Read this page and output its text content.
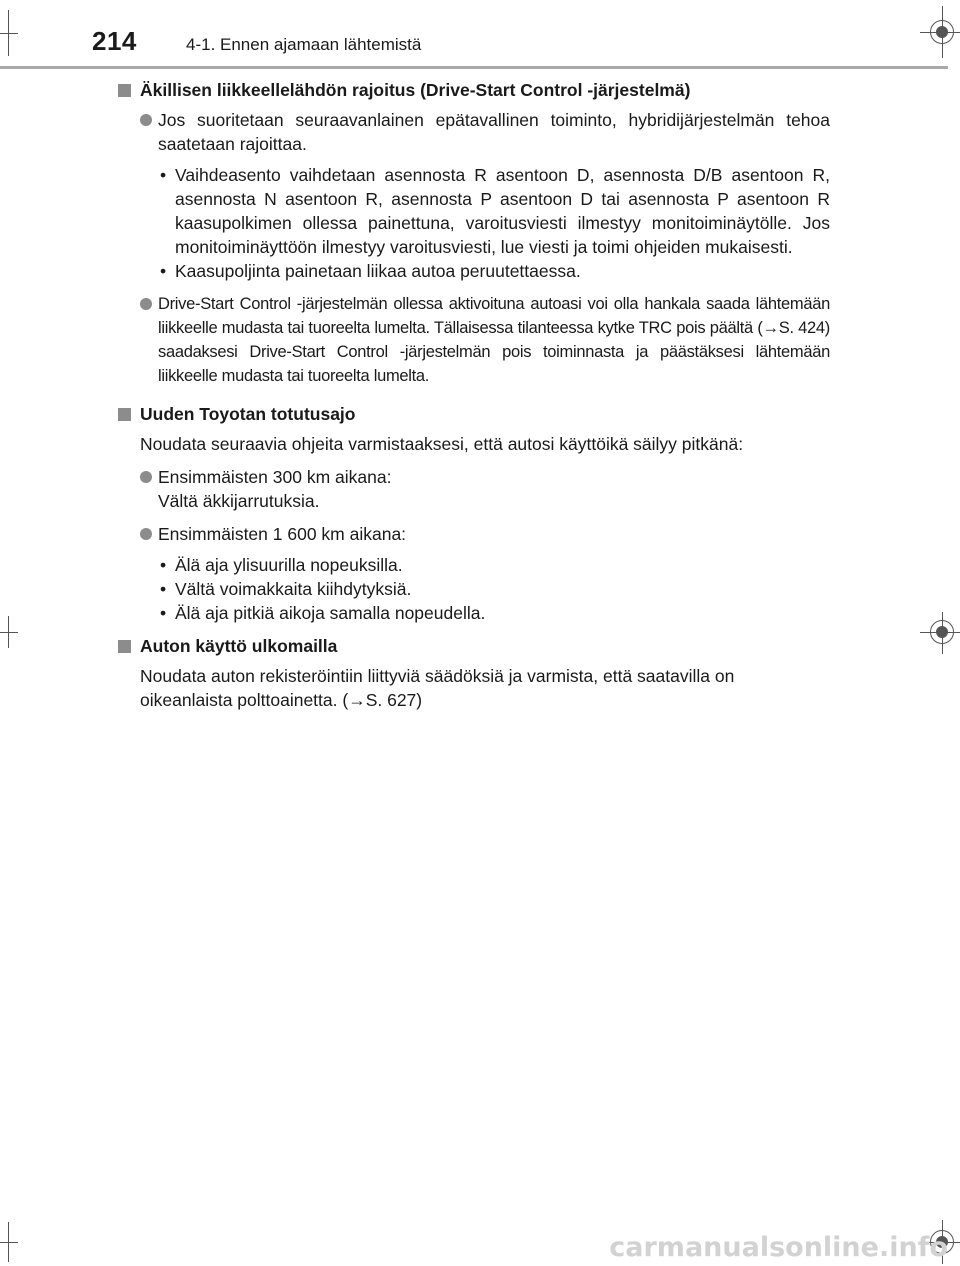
214	4-1. Ennen ajamaan lähtemistä
Äkillisen liikkeellelähdön rajoitus (Drive-Start Control -järjestelmä)
Jos suoritetaan seuraavanlainen epätavallinen toiminto, hybridijärjestelmän tehoa saatetaan rajoittaa.
• Vaihdeasento vaihdetaan asennosta R asentoon D, asennosta D/B asentoon R, asennosta N asentoon R, asennosta P asentoon D tai asennosta P asentoon R kaasupolkimen ollessa painettuna, varoitusviesti ilmestyy monitoiminäytölle. Jos monitoiminäyttöön ilmestyy varoitusviesti, lue viesti ja toimi ohjeiden mukaisesti.
• Kaasupoljinta painetaan liikaa autoa peruutettaessa.
Drive-Start Control -järjestelmän ollessa aktivoituna autoasi voi olla hankala saada lähtemään liikkeelle mudasta tai tuoreelta lumelta. Tällaisessa tilanteessa kytke TRC pois päältä (→S. 424) saadaksesi Drive-Start Control -järjestelmän pois toiminnasta ja päästäksesi lähtemään liikkeelle mudasta tai tuoreelta lumelta.
Uuden Toyotan totutusajo
Noudata seuraavia ohjeita varmistaaksesi, että autosi käyttöikä säilyy pitkänä:
Ensimmäisten 300 km aikana:
Vältä äkkijarrutuksia.
Ensimmäisten 1 600 km aikana:
• Älä aja ylisuurilla nopeuksilla.
• Vältä voimakkaita kiihdytyksiä.
• Älä aja pitkiä aikoja samalla nopeudella.
Auton käyttö ulkomailla
Noudata auton rekisteröintiin liittyviä säädöksiä ja varmista, että saatavilla on oikeanlaista polttoainetta. (→S. 627)
carmanualsonline.info
